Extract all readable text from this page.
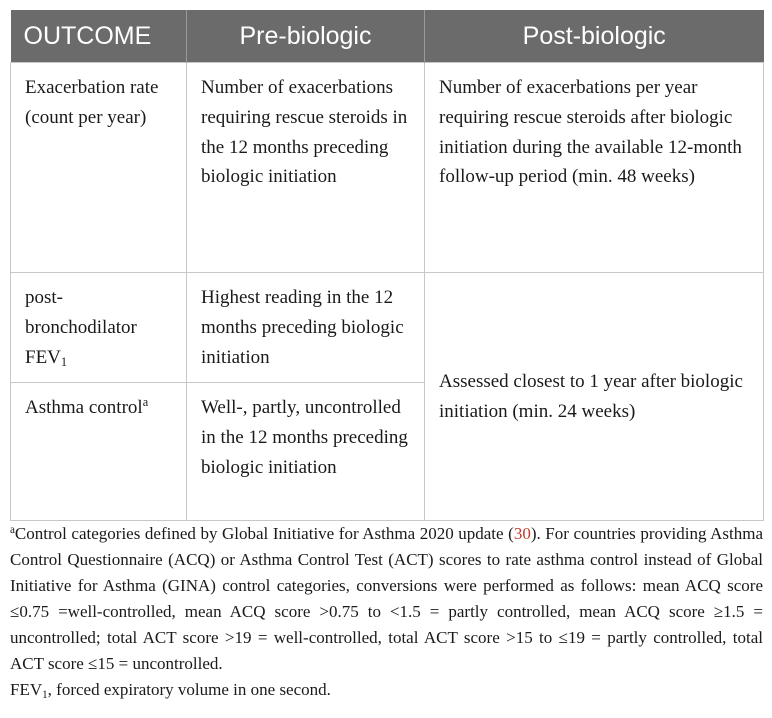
OUTCOME	Pre-biologic	Post-biologic
Exacerbation rate (count per year)	Number of exacerbations requiring rescue steroids in the 12 months preceding biologic initiation	Number of exacerbations per year requiring rescue steroids after biologic initiation during the available 12-month follow-up period (min. 48 weeks)
post-bronchodilator $FEV_1$	Highest reading in the 12 months preceding biologic initiation	Assessed closest to 1 year after biologic initiation (min. 24 weeks)
Asthma control$^a$	Well-, partly, uncontrolled in the 12 months preceding biologic initiation	

$^a$Control categories defined by Global Initiative for Asthma 2020 update (30). For countries providing Asthma Control Questionnaire (ACQ) or Asthma Control Test (ACT) scores to rate asthma control instead of Global Initiative for Asthma (GINA) control categories, conversions were performed as follows: mean ACQ score ≤0.75 =well-controlled, mean ACQ score >0.75 to <1.5 = partly controlled, mean ACQ score ≥1.5 = uncontrolled; total ACT score >19 = well-controlled, total ACT score >15 to ≤19 = partly controlled, total ACT score ≤15 = uncontrolled.

$FEV_1$, forced expiratory volume in one second.
